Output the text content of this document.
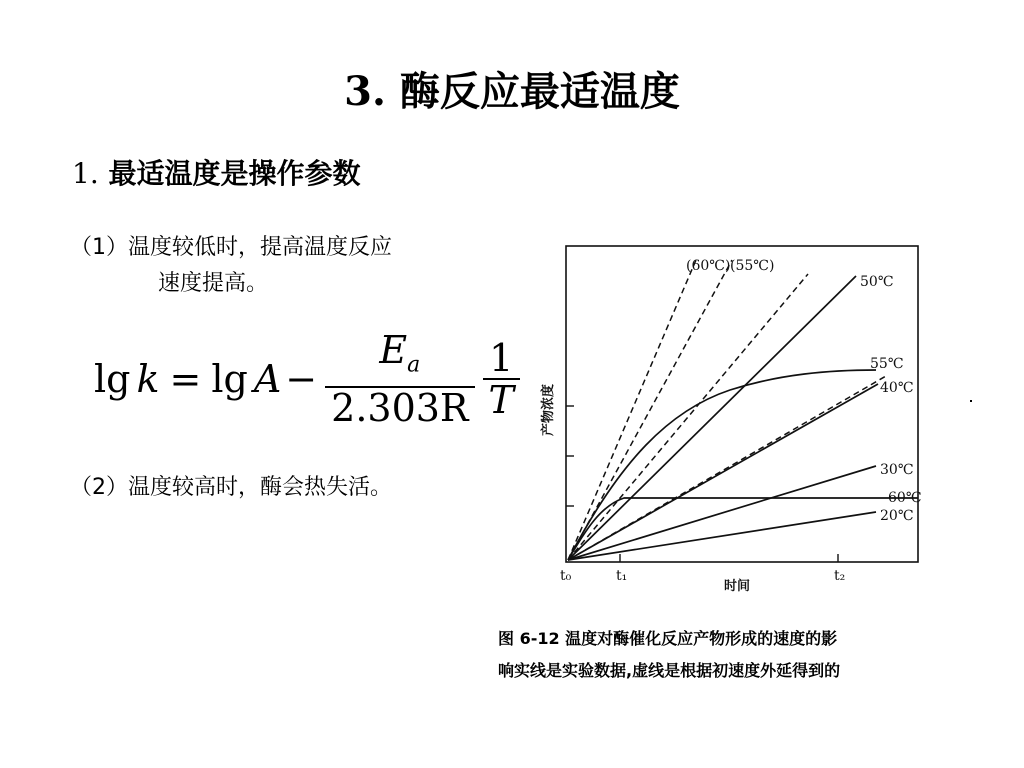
3. 酶反应最适温度
1. 最适温度是操作参数
（1）温度较低时，提高温度反应
速度提高。
$\lg k = \lg A - \frac{E_a}{2.303R} \frac{1}{T}$
（2）温度较高时，酶会热失活。
(60℃) (55℃)
50℃
55℃
40℃
30℃
60℃
20℃
t₀	t₁	t₂
时间
产物浓度
图 6-12 温度对酶催化反应产物形成的速度的影
响实线是实验数据,虚线是根据初速度外延得到的
